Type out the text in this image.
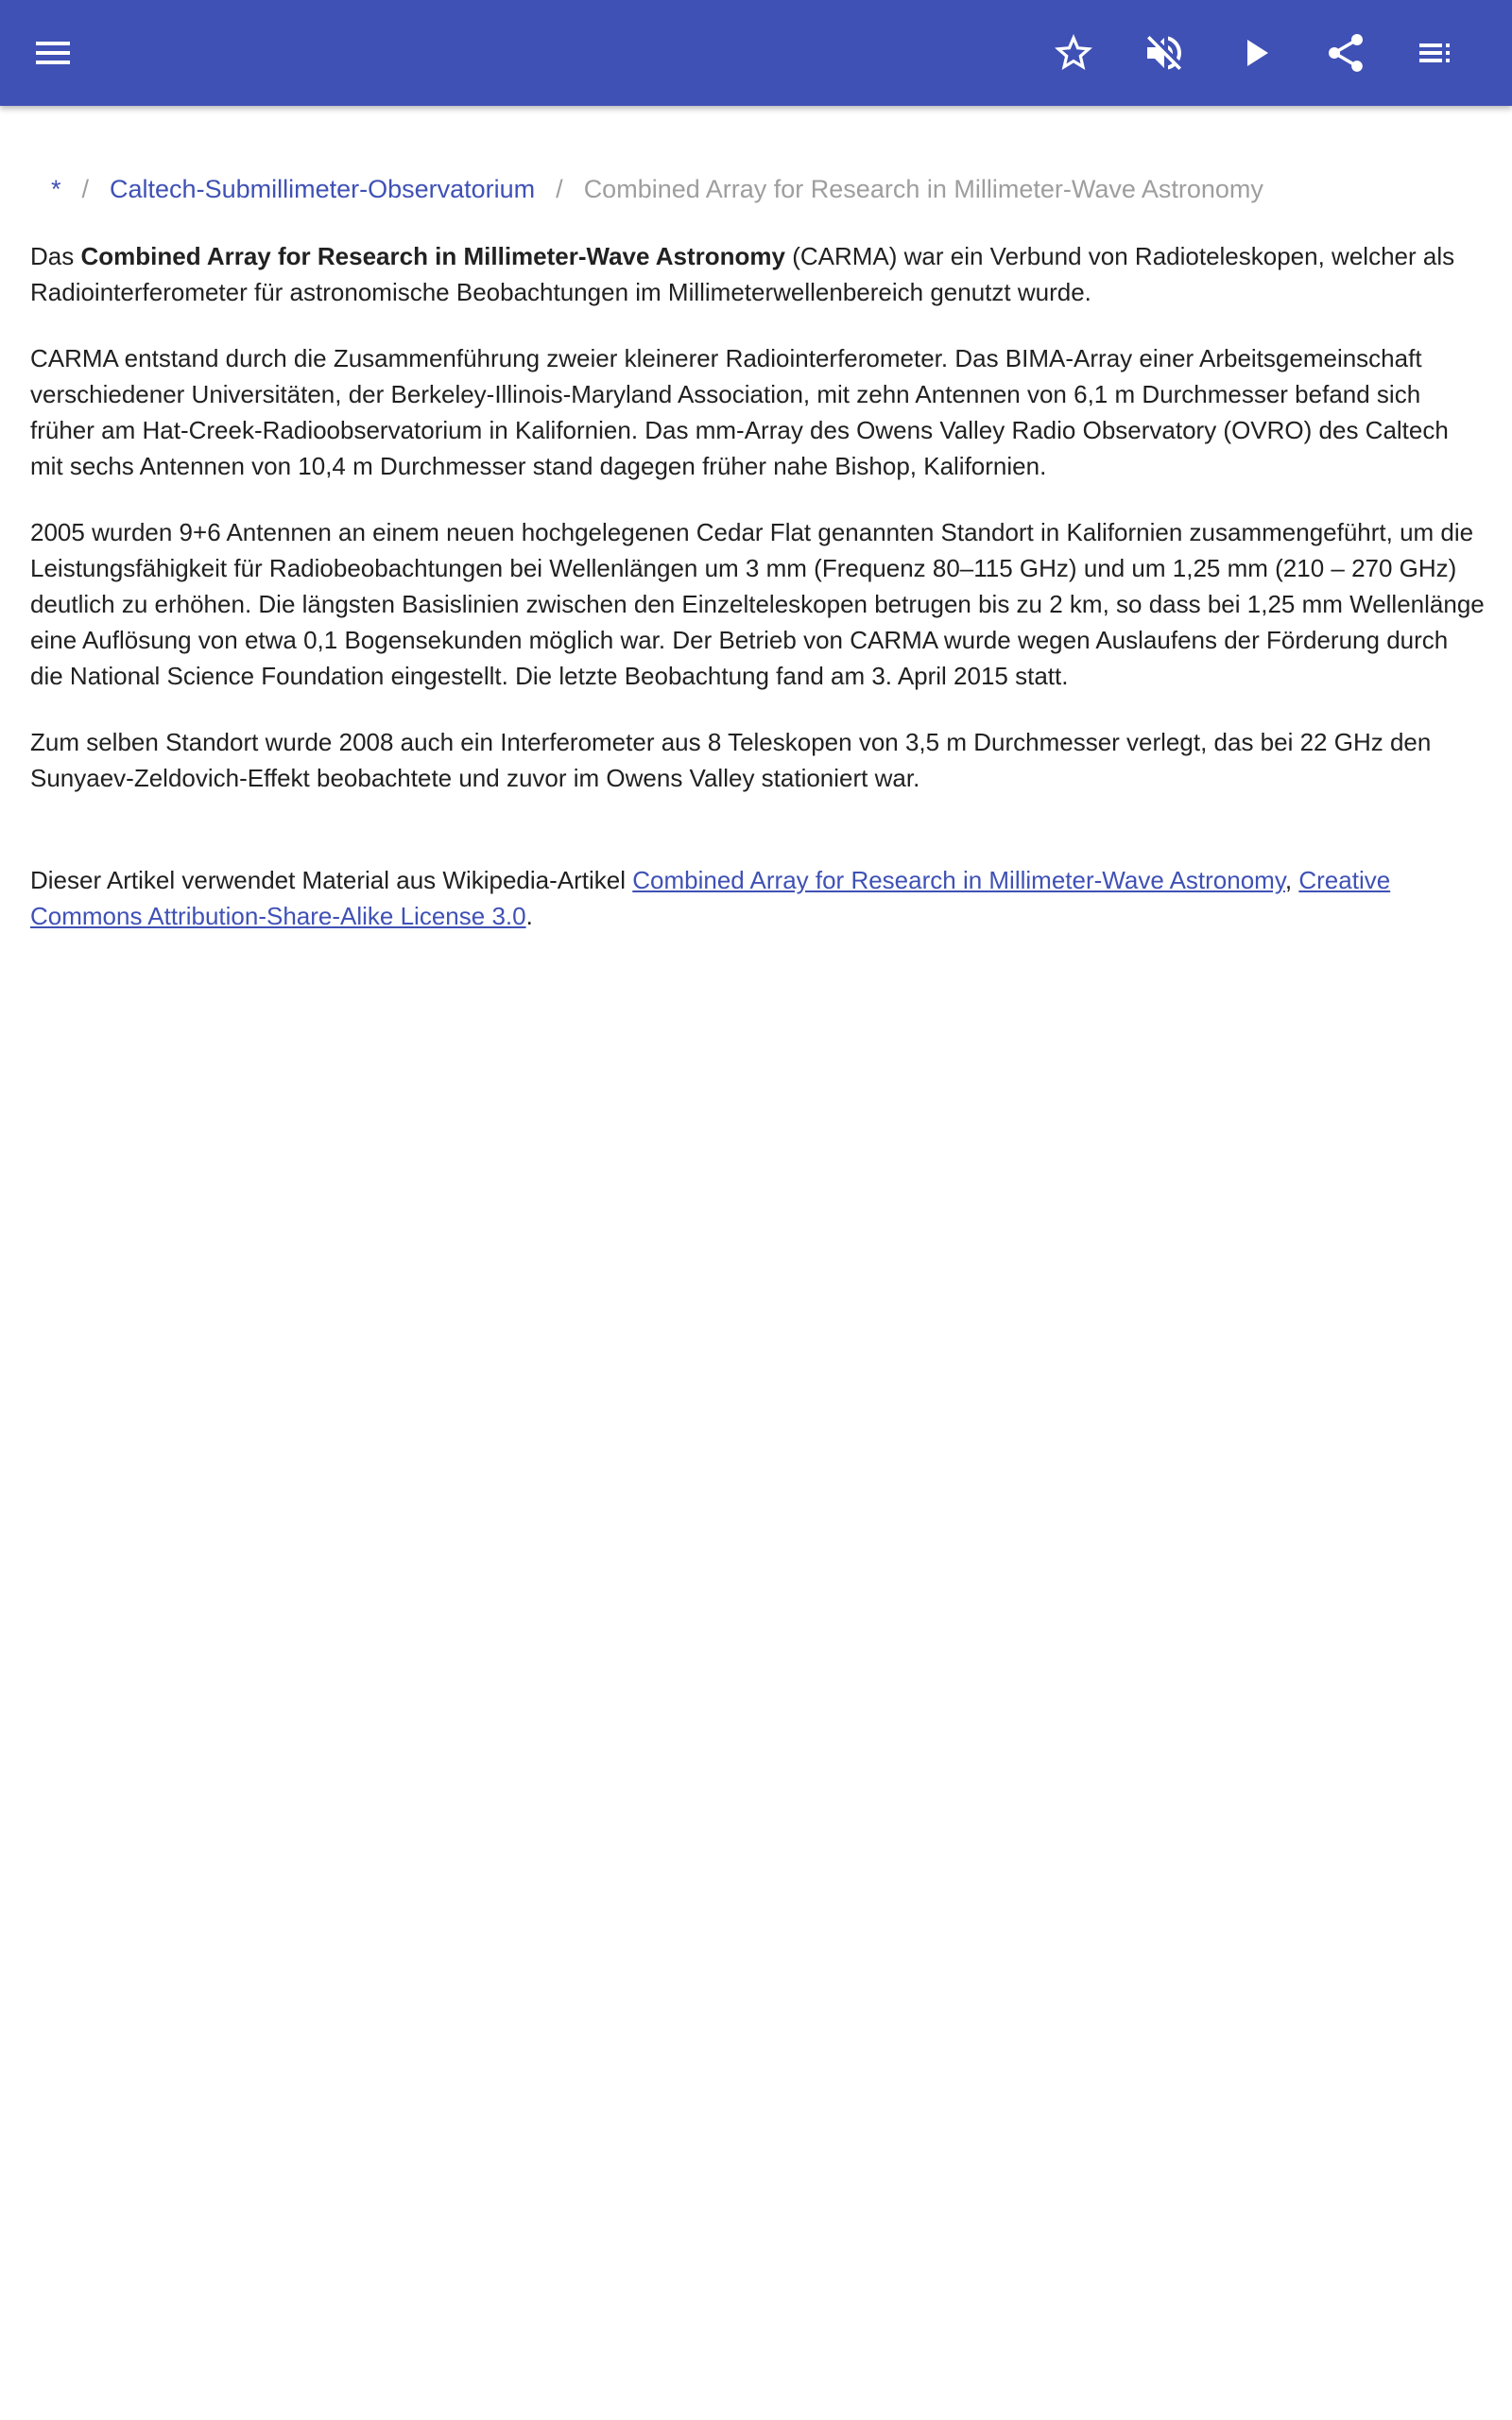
* / Caltech-Submillimeter-Observatorium / Combined Array for Research in Millimeter-Wave Astronomy

Das Combined Array for Research in Millimeter-Wave Astronomy (CARMA) war ein Verbund von Radioteleskopen, welcher als Radiointerferometer für astronomische Beobachtungen im Millimeterwellenbereich genutzt wurde.

CARMA entstand durch die Zusammenführung zweier kleinerer Radiointerferometer. Das BIMA-Array einer Arbeitsgemeinschaft verschiedener Universitäten, der Berkeley-Illinois-Maryland Association, mit zehn Antennen von 6,1 m Durchmesser befand sich früher am Hat-Creek-Radioobservatorium in Kalifornien. Das mm-Array des Owens Valley Radio Observatory (OVRO) des Caltech mit sechs Antennen von 10,4 m Durchmesser stand dagegen früher nahe Bishop, Kalifornien.

2005 wurden 9+6 Antennen an einem neuen hochgelegenen Cedar Flat genannten Standort in Kalifornien zusammengeführt, um die Leistungsfähigkeit für Radiobeobachtungen bei Wellenlängen um 3 mm (Frequenz 80–115 GHz) und um 1,25 mm (210 – 270 GHz) deutlich zu erhöhen. Die längsten Basislinien zwischen den Einzelteleskopen betrugen bis zu 2 km, so dass bei 1,25 mm Wellenlänge eine Auflösung von etwa 0,1 Bogensekunden möglich war. Der Betrieb von CARMA wurde wegen Auslaufens der Förderung durch die National Science Foundation eingestellt. Die letzte Beobachtung fand am 3. April 2015 statt.

Zum selben Standort wurde 2008 auch ein Interferometer aus 8 Teleskopen von 3,5 m Durchmesser verlegt, das bei 22 GHz den Sunyaev-Zeldovich-Effekt beobachtete und zuvor im Owens Valley stationiert war.

Dieser Artikel verwendet Material aus Wikipedia-Artikel Combined Array for Research in Millimeter-Wave Astronomy, Creative Commons Attribution-Share-Alike License 3.0.
